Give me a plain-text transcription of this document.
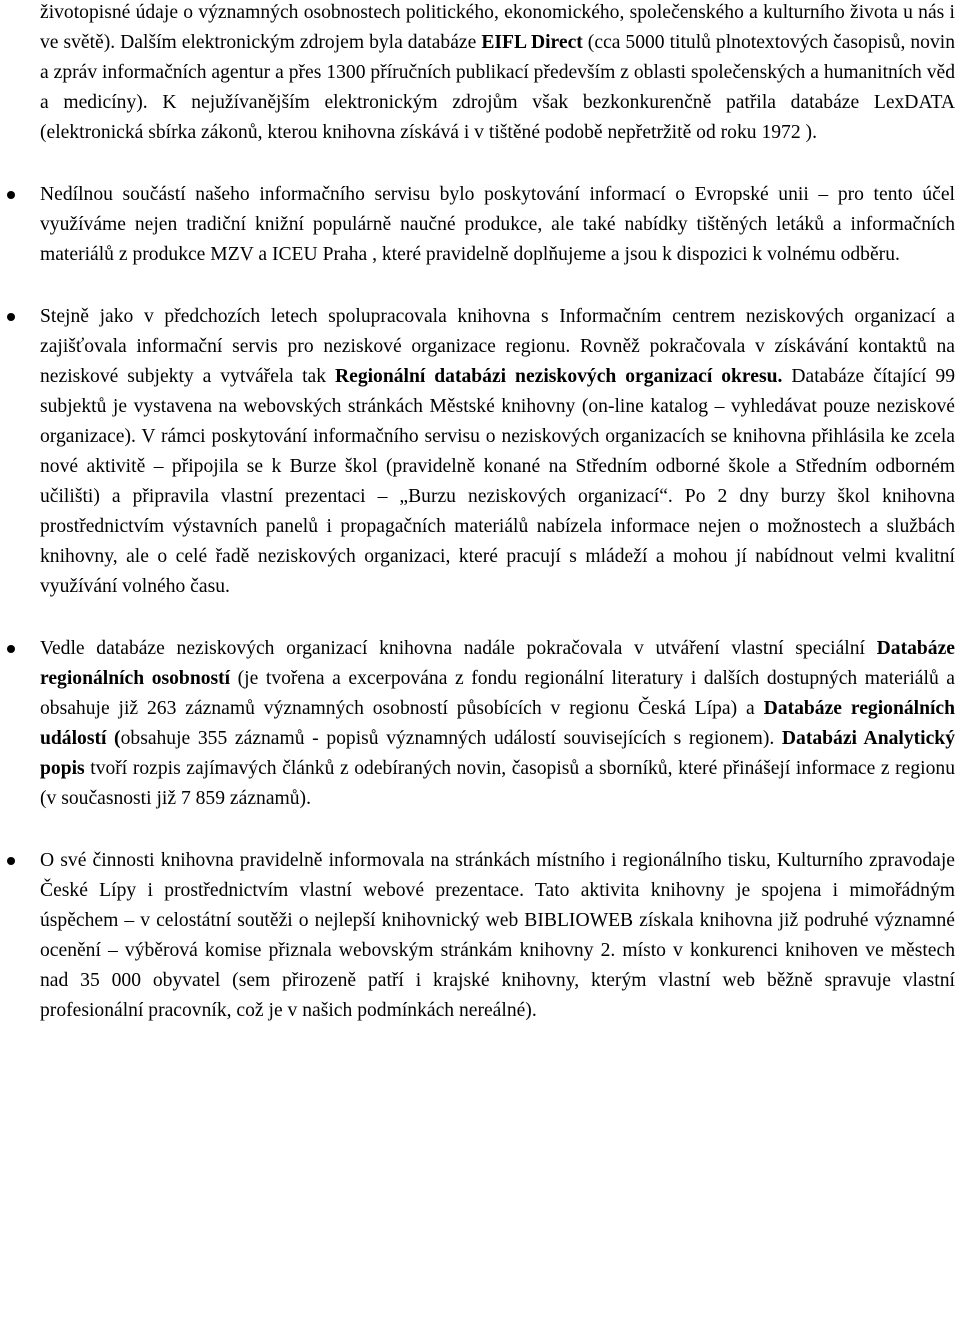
životopisné údaje o významných osobnostech politického, ekonomického, společenského a kulturního života u nás i ve světě). Dalším elektronickým zdrojem byla databáze EIFL Direct (cca 5000 titulů plnotextových časopisů, novin a zpráv informačních agentur a přes 1300 příručních publikací především z oblasti společenských a humanitních věd a medicíny). K nejužívanějším elektronickým zdrojům však bezkonkurenčně patřila databáze LexDATA (elektronická sbírka zákonů, kterou knihovna získává i v tištěné podobě nepřetržitě od roku 1972 ).

Nedílnou součástí našeho informačního servisu bylo poskytování informací o Evropské unii – pro tento účel využíváme nejen tradiční knižní populárně naučné produkce, ale také nabídky tištěných letáků a informačních materiálů z produkce MZV a ICEU Praha , které pravidelně doplňujeme a jsou k dispozici k volnému odběru.

Stejně jako v předchozích letech spolupracovala knihovna s Informačním centrem neziskových organizací a zajišťovala informační servis pro neziskové organizace regionu. Rovněž pokračovala v získávání kontaktů na neziskové subjekty a vytvářela tak Regionální databázi neziskových organizací okresu. Databáze čítající 99 subjektů je vystavena na webovských stránkách Městské knihovny (on-line katalog – vyhledávat pouze neziskové organizace). V rámci poskytování informačního servisu o neziskových organizacích se knihovna přihlásila ke zcela nové aktivitě – připojila se k Burze škol (pravidelně konané na Středním odborné škole a Středním odborném učilišti) a připravila vlastní prezentaci – „Burzu neziskových organizací“. Po 2 dny burzy škol knihovna prostřednictvím výstavních panelů i propagačních materiálů nabízela informace nejen o možnostech a službách knihovny, ale o celé řadě neziskových organizaci, které pracují s mládeží a mohou jí nabídnout velmi kvalitní využívání volného času.

Vedle databáze neziskových organizací knihovna nadále pokračovala v utváření vlastní speciální Databáze regionálních osobností (je tvořena a excerpována z fondu regionální literatury i dalších dostupných materiálů a obsahuje již 263 záznamů významných osobností působících v regionu Česká Lípa) a Databáze regionálních událostí (obsahuje 355 záznamů - popisů významných událostí souvisejících s regionem). Databázi Analytický popis tvoří rozpis zajímavých článků z odebíraných novin, časopisů a sborníků, které přinášejí informace z regionu (v současnosti již 7 859 záznamů).

O své činnosti knihovna pravidelně informovala na stránkách místního i regionálního tisku, Kulturního zpravodaje České Lípy i prostřednictvím vlastní webové prezentace. Tato aktivita knihovny je spojena i mimořádným úspěchem – v celostátní soutěži o nejlepší knihovnický web BIBLIOWEB získala knihovna již podruhé významné ocenění – výběrová komise přiznala webovským stránkám knihovny 2. místo v konkurenci knihoven ve městech nad 35 000 obyvatel (sem přirozeně patří i krajské knihovny, kterým vlastní web běžně spravuje vlastní profesionální pracovník, což je v našich podmínkách nereálné).
